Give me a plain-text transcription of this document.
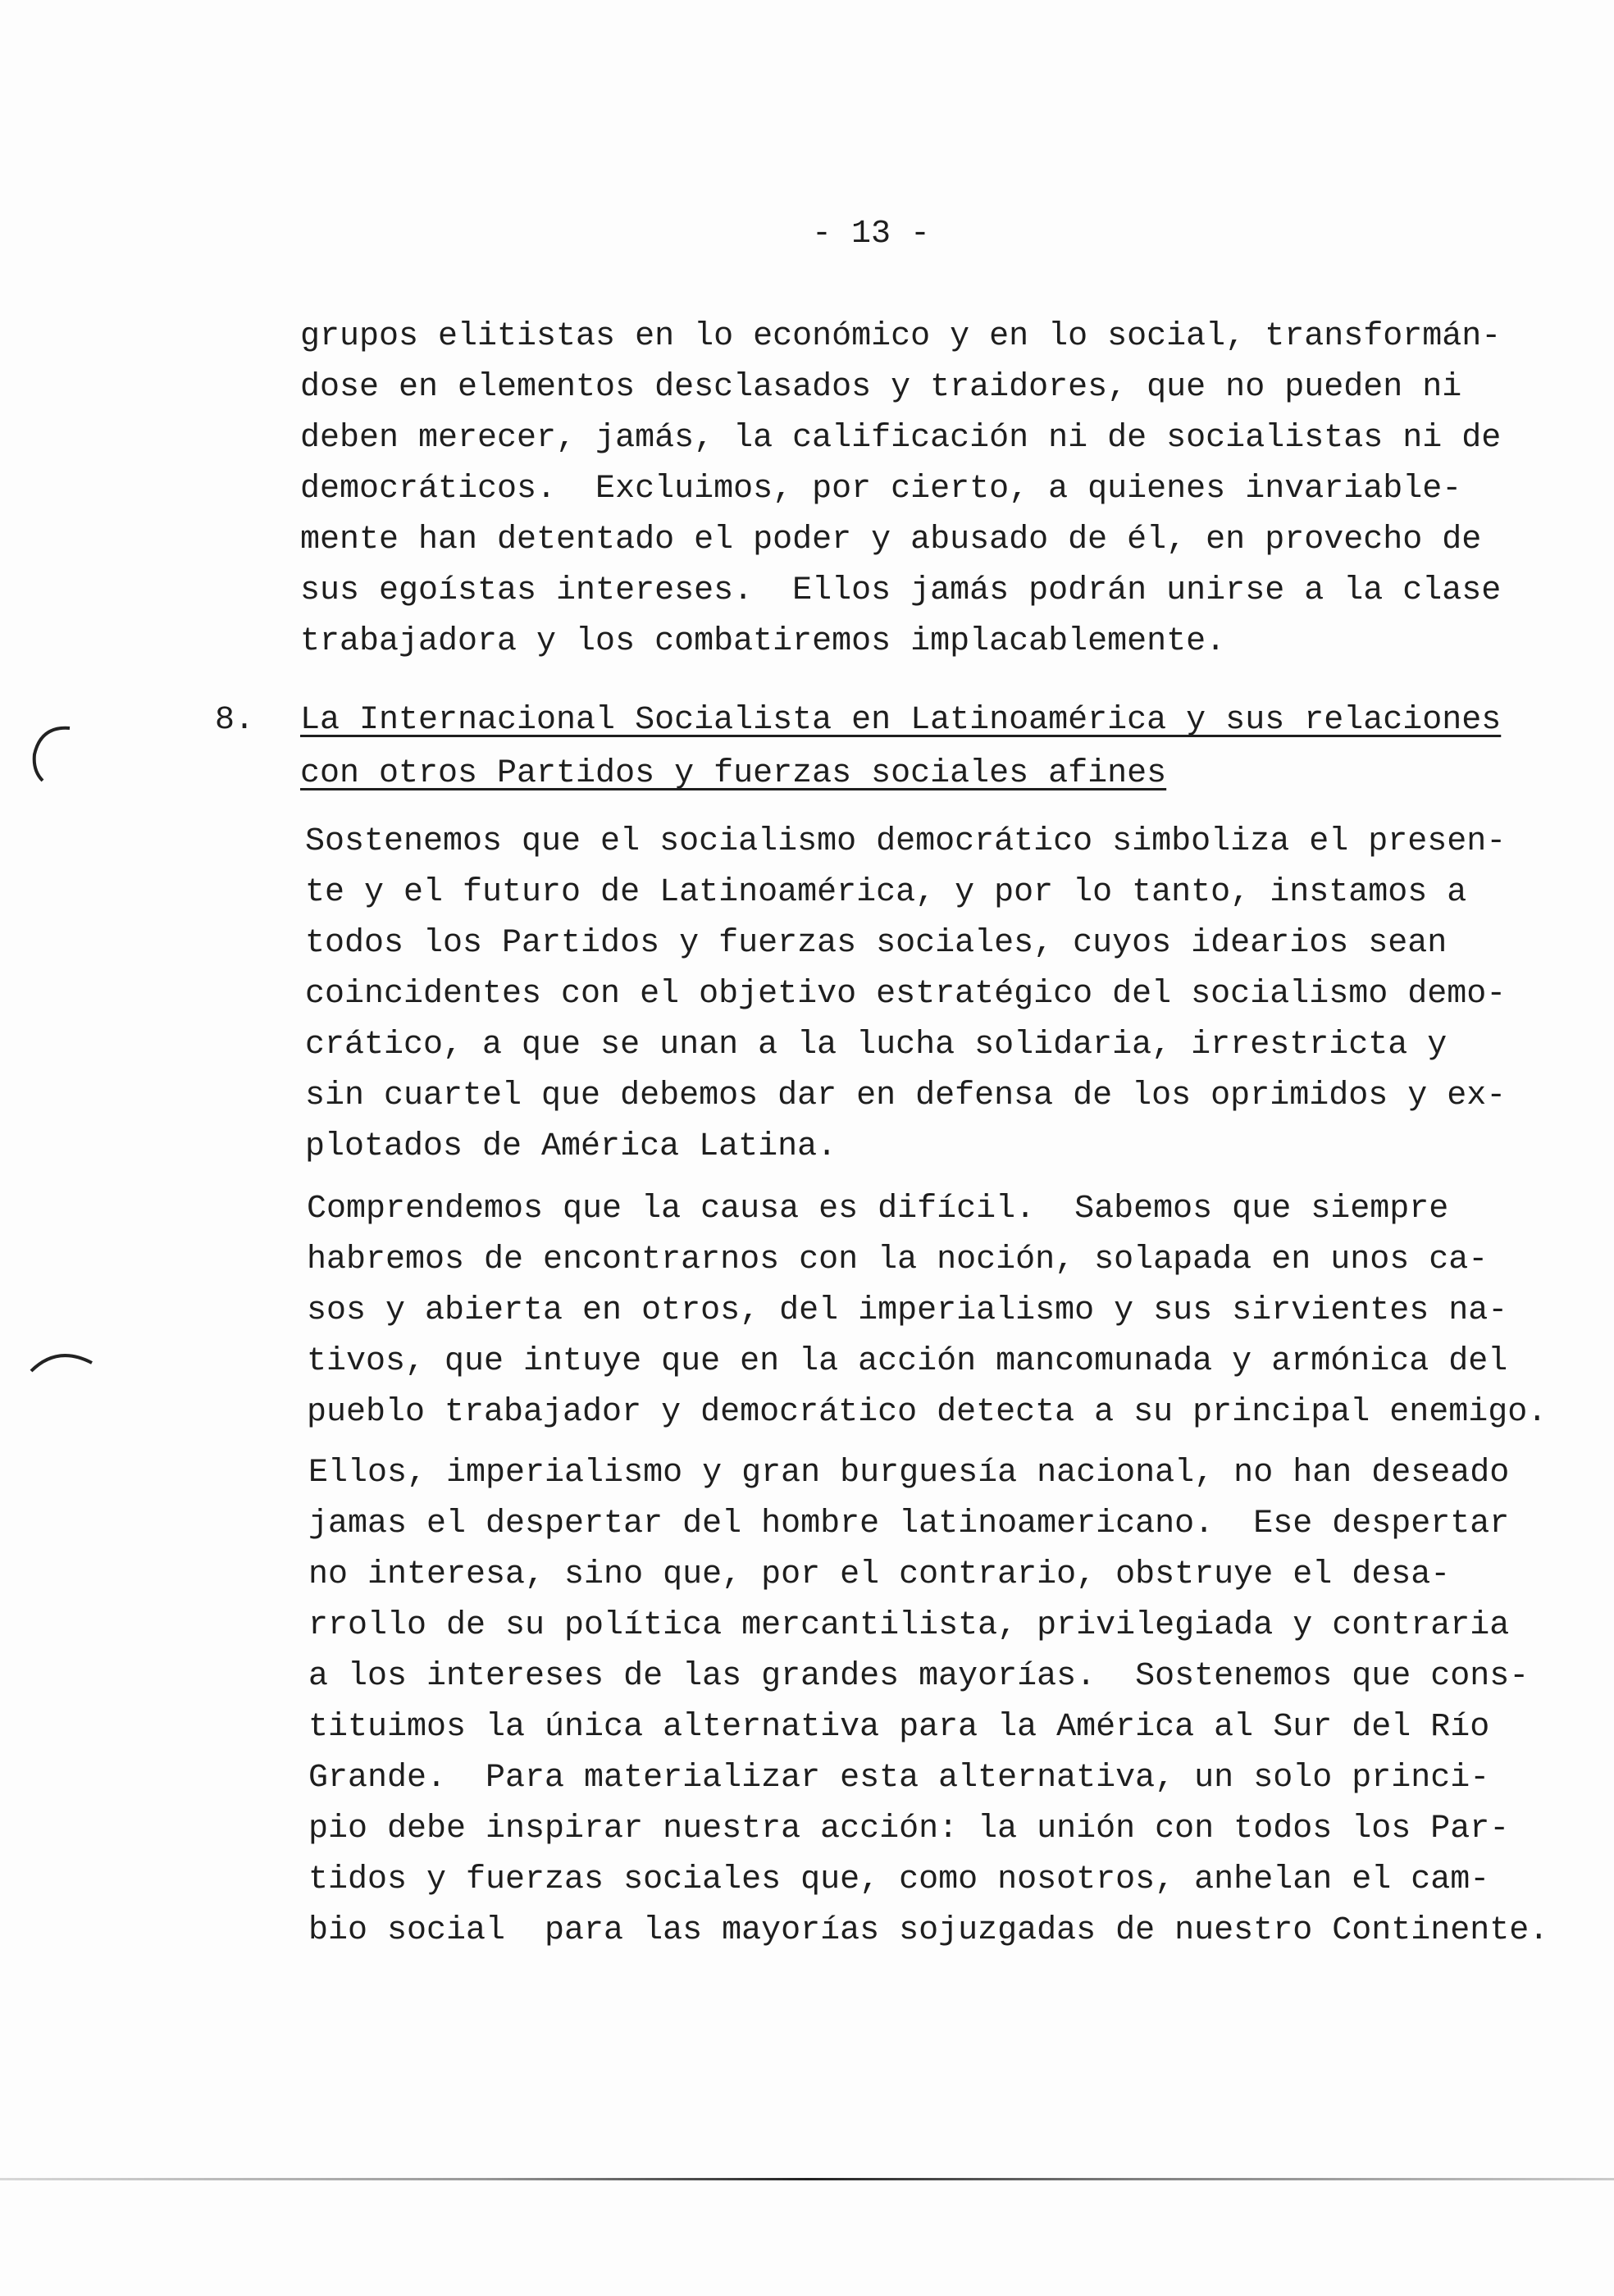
- 13 -
grupos elitistas en lo económico y en lo social, transformán-
dose en elementos desclasados y traidores, que no pueden ni
deben merecer, jamás, la calificación ni de socialistas ni de
democráticos.  Excluimos, por cierto, a quienes invariable-
mente han detentado el poder y abusado de él, en provecho de
sus egoístas intereses.  Ellos jamás podrán unirse a la clase
trabajadora y los combatiremos implacablemente.
8. La Internacional Socialista en Latinoamérica y sus relaciones
con otros Partidos y fuerzas sociales afines
Sostenemos que el socialismo democrático simboliza el presen-
te y el futuro de Latinoamérica, y por lo tanto, instamos a
todos los Partidos y fuerzas sociales, cuyos idearios sean
coincidentes con el objetivo estratégico del socialismo demo-
crático, a que se unan a la lucha solidaria, irrestricta y
sin cuartel que debemos dar en defensa de los oprimidos y ex-
plotados de América Latina.
Comprendemos que la causa es difícil.  Sabemos que siempre
habremos de encontrarnos con la noción, solapada en unos ca-
sos y abierta en otros, del imperialismo y sus sirvientes na-
tivos, que intuye que en la acción mancomunada y armónica del
pueblo trabajador y democrático detecta a su principal enemigo.
Ellos, imperialismo y gran burguesía nacional, no han deseado
jamas el despertar del hombre latinoamericano.  Ese despertar
no interesa, sino que, por el contrario, obstruye el desa-
rrollo de su política mercantilista, privilegiada y contraria
a los intereses de las grandes mayorías.  Sostenemos que cons-
tituimos la única alternativa para la América al Sur del Río
Grande.  Para materializar esta alternativa, un solo princi-
pio debe inspirar nuestra acción: la unión con todos los Par-
tidos y fuerzas sociales que, como nosotros, anhelan el cam-
bio social  para las mayorías sojuzgadas de nuestro Continente.
